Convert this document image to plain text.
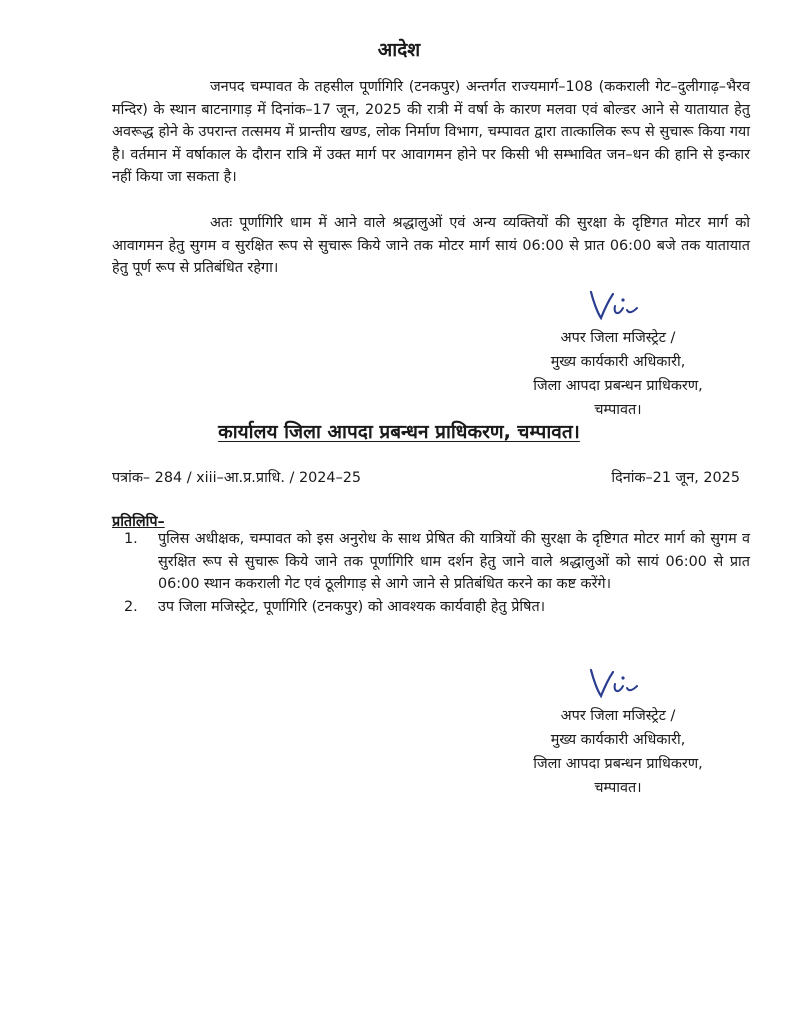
आदेश
जनपद चम्पावत के तहसील पूर्णागिरि (टनकपुर) अन्तर्गत राज्यमार्ग–108 (ककराली गेट–दुलीगाढ़–भैरव मन्दिर) के स्थान बाटनागाड़ में दिनांक–17 जून, 2025 की रात्री में वर्षा के कारण मलवा एवं बोल्डर आने से यातायात हेतु अवरूद्ध होने के उपरान्त तत्समय में प्रान्तीय खण्ड, लोक निर्माण विभाग, चम्पावत द्वारा तात्कालिक रूप से सुचारू किया गया है। वर्तमान में वर्षाकाल के दौरान रात्रि में उक्त मार्ग पर आवागमन होने पर किसी भी सम्भावित जन–धन की हानि से इन्कार नहीं किया जा सकता है।
अतः पूर्णागिरि धाम में आने वाले श्रद्धालुओं एवं अन्य व्यक्तियों की सुरक्षा के दृष्टिगत मोटर मार्ग को आवागमन हेतु सुगम व सुरक्षित रूप से सुचारू किये जाने तक मोटर मार्ग सायं 06:00 से प्रात 06:00 बजे तक यातायात हेतु पूर्ण रूप से प्रतिबंधित रहेगा।
अपर जिला मजिस्ट्रेट /
मुख्य कार्यकारी अधिकारी,
जिला आपदा प्रबन्धन प्राधिकरण,
चम्पावत।
कार्यालय जिला आपदा प्रबन्धन प्राधिकरण, चम्पावत।
पत्रांक– 284 / xiii–आ.प्र.प्राधि. / 2024–25	दिनांक–21 जून, 2025
प्रतिलिपि–
1. पुलिस अधीक्षक, चम्पावत को इस अनुरोध के साथ प्रेषित की यात्रियों की सुरक्षा के दृष्टिगत मोटर मार्ग को सुगम व सुरक्षित रूप से सुचारू किये जाने तक पूर्णागिरि धाम दर्शन हेतु जाने वाले श्रद्धालुओं को सायं 06:00 से प्रात 06:00 स्थान ककराली गेट एवं ठूलीगाड़ से आगे जाने से प्रतिबंधित करने का कष्ट करेंगे।
2. उप जिला मजिस्ट्रेट, पूर्णागिरि (टनकपुर) को आवश्यक कार्यवाही हेतु प्रेषित।
अपर जिला मजिस्ट्रेट /
मुख्य कार्यकारी अधिकारी,
जिला आपदा प्रबन्धन प्राधिकरण,
चम्पावत।
